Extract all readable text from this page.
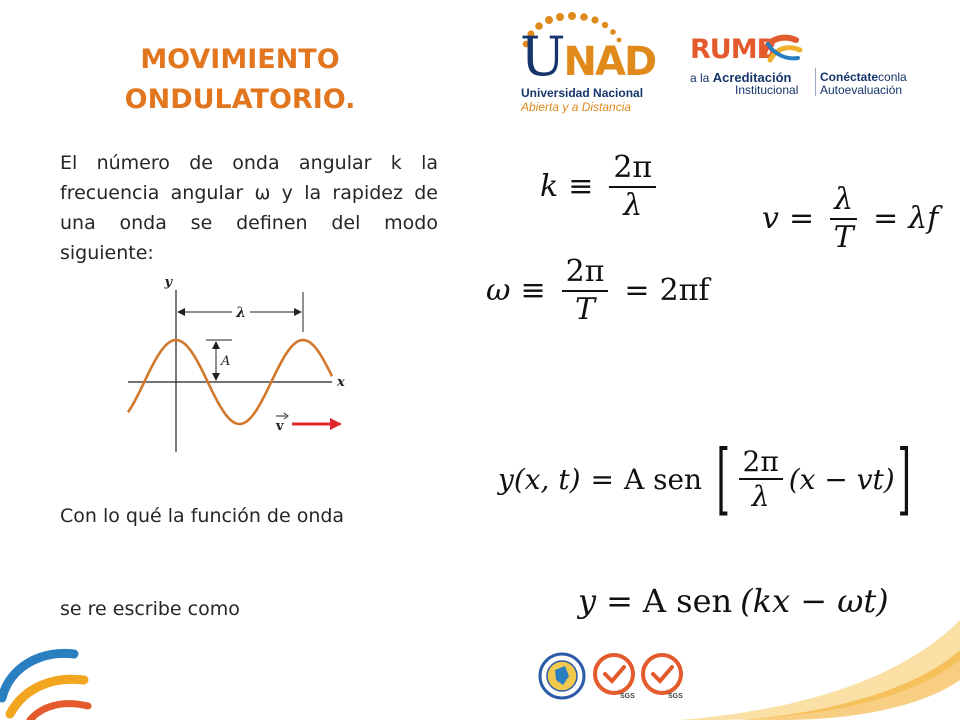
MOVIMIENTO
ONDULATORIO.
UNAD
Universidad Nacional
Abierta y a Distancia
RUMB
a la Acreditación
Institucional
Conéctateconla
Autoevaluación

El número de onda angular k la frecuencia angular ω y la rapidez de una onda se definen del modo siguiente:

λ
A
y
x
v
$k \equiv \frac{2\pi}{\lambda}$
$\omega \equiv \frac{2\pi}{T} = 2\pi f$
$v = \frac{\lambda}{T} = \lambda f$

Con lo qué la función de onda

y(x, t) = A sen [ $\frac{2\pi}{\lambda} (x - vt)$ ]

se re escribe como	y = A sen (kx − ωt)
SGS	SGS
